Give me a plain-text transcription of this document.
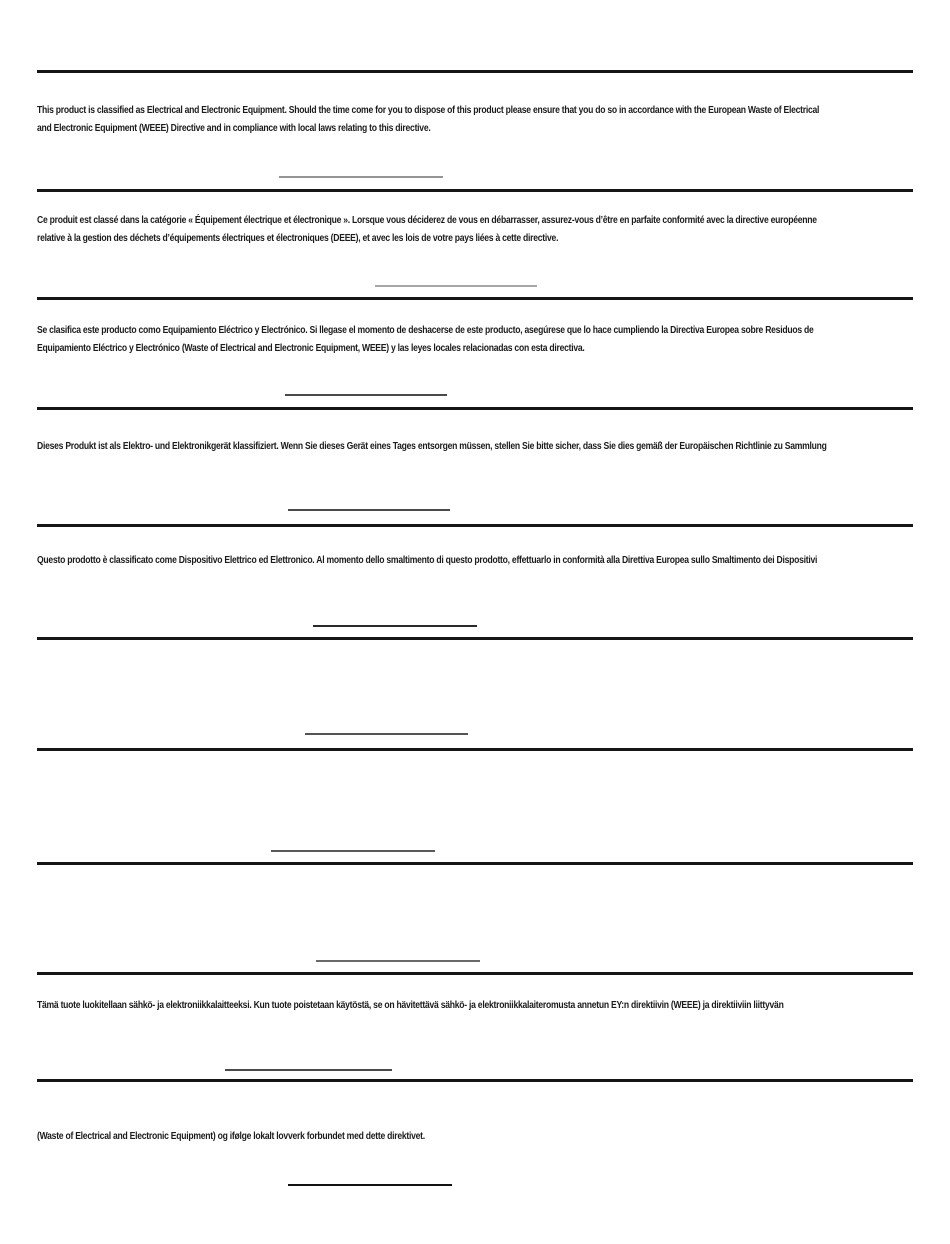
This product is classified as Electrical and Electronic Equipment. Should the time come for you to dispose of this product please ensure that you do so in accordance with the European Waste of Electrical
and Electronic Equipment (WEEE) Directive and in compliance with local laws relating to this directive.
Ce produit est classé dans la catégorie « Équipement électrique et électronique ». Lorsque vous déciderez de vous en débarrasser, assurez-vous d’être en parfaite conformité avec la directive européenne
relative à la gestion des déchets d’équipements électriques et électroniques (DEEE), et avec les lois de votre pays liées à cette directive.
Se clasifica este producto como Equipamiento Eléctrico y Electrónico. Si llegase el momento de deshacerse de este producto, asegúrese que lo hace cumpliendo la Directiva Europea sobre Residuos de
Equipamiento Eléctrico y Electrónico (Waste of Electrical and Electronic Equipment, WEEE) y las leyes locales relacionadas con esta directiva.
Dieses Produkt ist als Elektro- und Elektronikgerät klassifiziert. Wenn Sie dieses Gerät eines Tages entsorgen müssen, stellen Sie bitte sicher, dass Sie dies gemäß der Europäischen Richtlinie zu Sammlung
Questo prodotto è classificato come Dispositivo Elettrico ed Elettronico. Al momento dello smaltimento di questo prodotto, effettuarlo in conformità alla Direttiva Europea sullo Smaltimento dei Dispositivi
Tämä tuote luokitellaan sähkö- ja elektroniikkalaitteeksi. Kun tuote poistetaan käytöstä, se on hävitettävä sähkö- ja elektroniikkalaiteromusta annetun EY:n direktiivin (WEEE) ja direktiiviin liittyvän
(Waste of Electrical and Electronic Equipment) og ifølge lokalt lovverk forbundet med dette direktivet.
